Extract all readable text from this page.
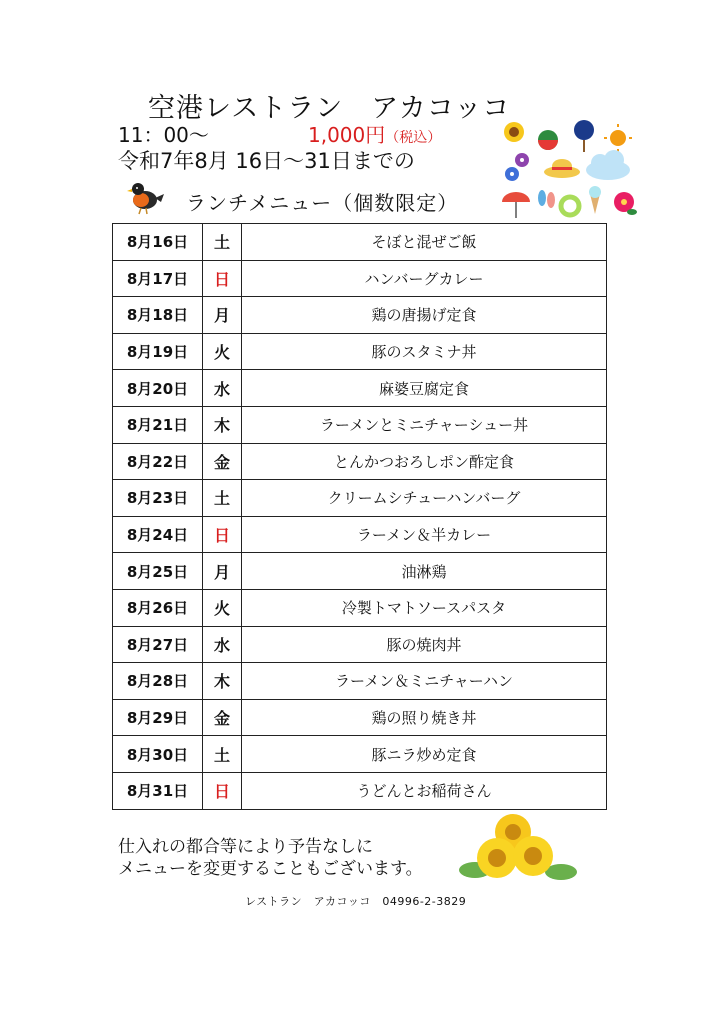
空港レストラン　アカコッコ
11：00～	1,000円（税込）
令和7年8月 16日～31日までの
ランチメニュー（個数限定）
8月16日	土	そぼと混ぜご飯
8月17日	日	ハンバーグカレー
8月18日	月	鶏の唐揚げ定食
8月19日	火	豚のスタミナ丼
8月20日	水	麻婆豆腐定食
8月21日	木	ラーメンとミニチャーシュー丼
8月22日	金	とんかつおろしポン酢定食
8月23日	土	クリームシチューハンバーグ
8月24日	日	ラーメン＆半カレー
8月25日	月	油淋鶏
8月26日	火	冷製トマトソースパスタ
8月27日	水	豚の焼肉丼
8月28日	木	ラーメン＆ミニチャーハン
8月29日	金	鶏の照り焼き丼
8月30日	土	豚ニラ炒め定食
8月31日	日	うどんとお稲荷さん
仕入れの都合等により予告なしに
メニューを変更することもございます。
レストラン　アカコッコ　04996-2-3829
